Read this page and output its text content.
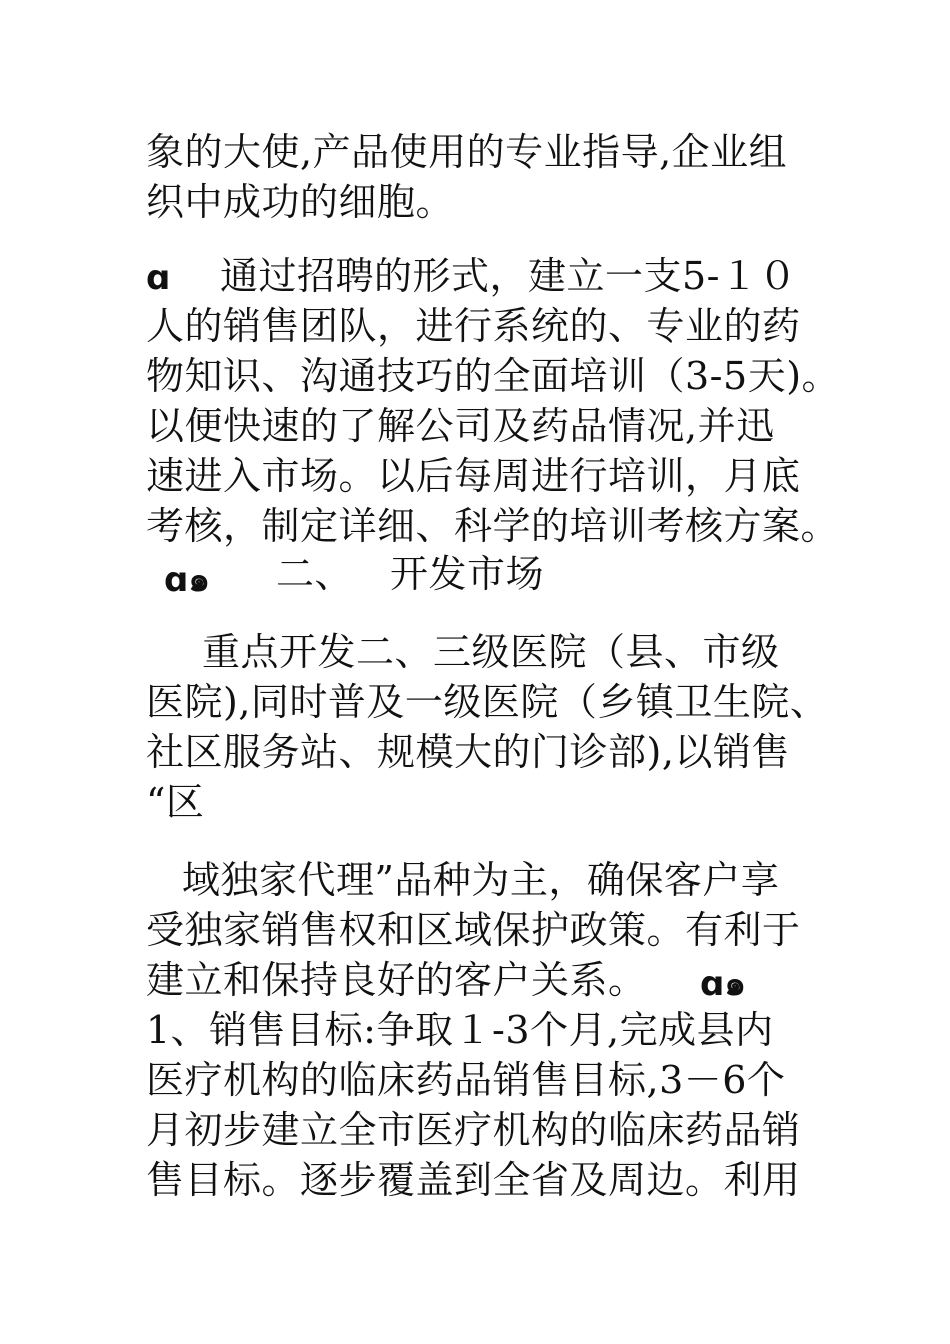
象的大使,产品使用的专业指导,企业组
织中成功的细胞。
ɑ 通过招聘的形式，建立一支5-１０
人的销售团队，进行系统的、专业的药
物知识、沟通技巧的全面培训（3-5天)。
以便快速的了解公司及药品情况,并迅
速进入市场。以后每周进行培训，月底
考核，制定详细、科学的培训考核方案。
ɑ๑ 二、 开发市场
重点开发二、三级医院（县、市级
医院),同时普及一级医院（乡镇卫生院、
社区服务站、规模大的门诊部),以销售
“区
域独家代理”品种为主，确保客户享
受独家销售权和区域保护政策。有利于
建立和保持良好的客户关系。 ɑ๑
1、销售目标:争取１-3个月,完成县内
医疗机构的临床药品销售目标,3－6个
月初步建立全市医疗机构的临床药品销
售目标。逐步覆盖到全省及周边。利用
